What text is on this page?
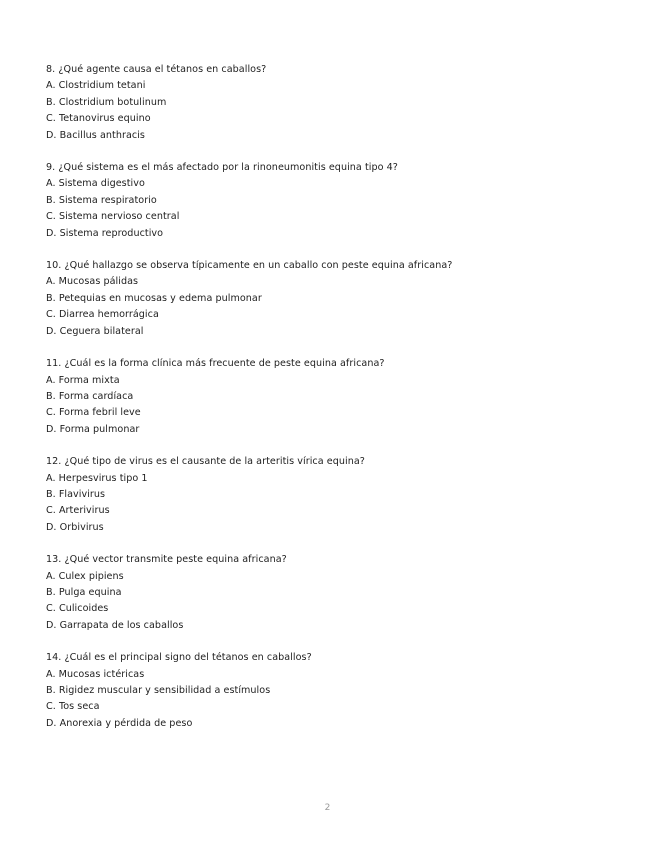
8. ¿Qué agente causa el tétanos en caballos?

A. Clostridium tetani

B. Clostridium botulinum

C. Tetanovirus equino

D. Bacillus anthracis

9. ¿Qué sistema es el más afectado por la rinoneumonitis equina tipo 4?

A. Sistema digestivo

B. Sistema respiratorio

C. Sistema nervioso central

D. Sistema reproductivo

10. ¿Qué hallazgo se observa típicamente en un caballo con peste equina africana?

A. Mucosas pálidas

B. Petequias en mucosas y edema pulmonar

C. Diarrea hemorrágica

D. Ceguera bilateral

11. ¿Cuál es la forma clínica más frecuente de peste equina africana?

A. Forma mixta

B. Forma cardíaca

C. Forma febril leve

D. Forma pulmonar

12. ¿Qué tipo de virus es el causante de la arteritis vírica equina?

A. Herpesvirus tipo 1

B. Flavivirus

C. Arterivirus

D. Orbivirus

13. ¿Qué vector transmite peste equina africana?

A. Culex pipiens

B. Pulga equina

C. Culicoides

D. Garrapata de los caballos

14. ¿Cuál es el principal signo del tétanos en caballos?

A. Mucosas ictéricas

B. Rigidez muscular y sensibilidad a estímulos

C. Tos seca

D. Anorexia y pérdida de peso

2
